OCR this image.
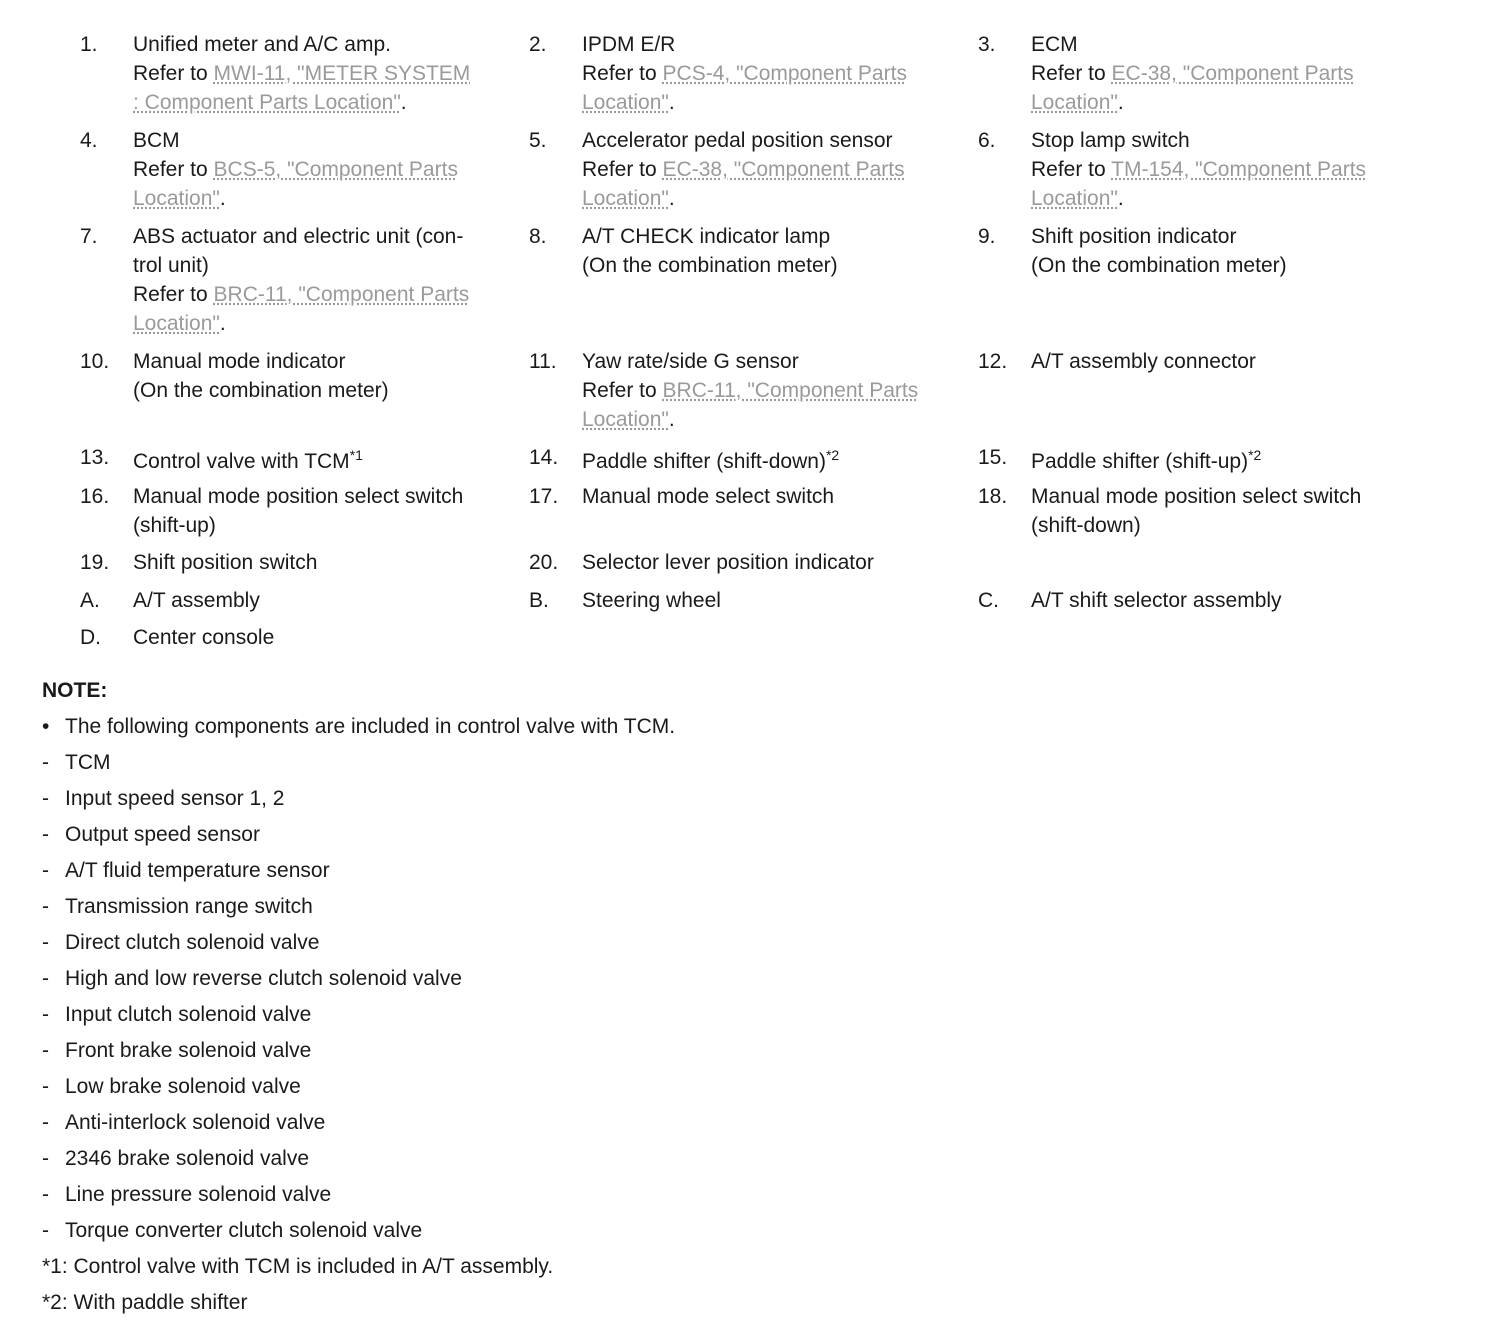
1. Unified meter and A/C amp.
Refer to MWI-11, "METER SYSTEM
: Component Parts Location".
2. IPDM E/R
Refer to PCS-4, "Component Parts
Location".
3. ECM
Refer to EC-38, "Component Parts
Location".
4. BCM
Refer to BCS-5, "Component Parts
Location".
5. Accelerator pedal position sensor
Refer to EC-38, "Component Parts
Location".
6. Stop lamp switch
Refer to TM-154, "Component Parts
Location".
7. ABS actuator and electric unit (con-
trol unit)
Refer to BRC-11, "Component Parts
Location".
8. A/T CHECK indicator lamp
(On the combination meter)
9. Shift position indicator
(On the combination meter)
10. Manual mode indicator
(On the combination meter)
11. Yaw rate/side G sensor
Refer to BRC-11, "Component Parts
Location".
12. A/T assembly connector
13. Control valve with TCM$^{*1}$	14. Paddle shifter (shift-down)$^{*2}$	15. Paddle shifter (shift-up)$^{*2}$
16. Manual mode position select switch
(shift-up)
17. Manual mode select switch	18. Manual mode position select switch
(shift-down)
19. Shift position switch	20. Selector lever position indicator
A. A/T assembly	B. Steering wheel	C. A/T shift selector assembly
D. Center console
NOTE:
• The following components are included in control valve with TCM.
- TCM
- Input speed sensor 1, 2
- Output speed sensor
- A/T fluid temperature sensor
- Transmission range switch
- Direct clutch solenoid valve
- High and low reverse clutch solenoid valve
- Input clutch solenoid valve
- Front brake solenoid valve
- Low brake solenoid valve
- Anti-interlock solenoid valve
- 2346 brake solenoid valve
- Line pressure solenoid valve
- Torque converter clutch solenoid valve
*1: Control valve with TCM is included in A/T assembly.
*2: With paddle shifter
